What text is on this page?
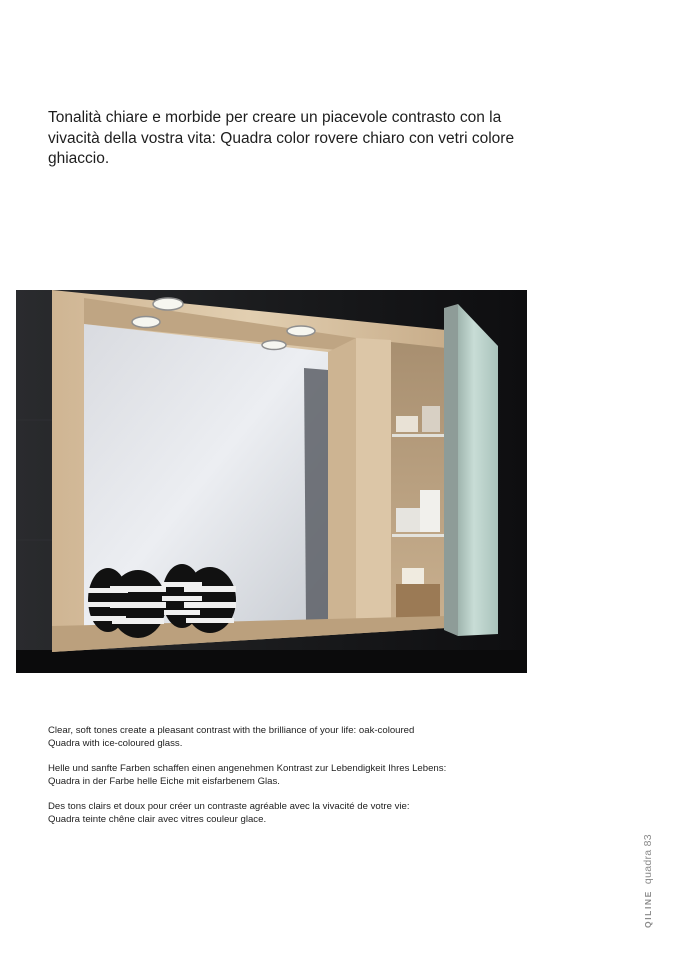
Tonalità chiare e morbide per creare un piacevole contrasto con la vivacità della vostra vita: Quadra color rovere chiaro con vetri colore ghiaccio.

Clear, soft tones create a pleasant contrast with the brilliance of your life: oak-coloured
Quadra with ice-coloured glass.

Helle und sanfte Farben schaffen einen angenehmen Kontrast zur Lebendigkeit Ihres Lebens:
Quadra in der Farbe helle Eiche mit eisfarbenem Glas.

Des tons clairs et doux pour créer un contraste agréable avec la vivacité de votre vie:
Quadra teinte chêne clair avec vitres couleur glace.

QILINEquadra 83
